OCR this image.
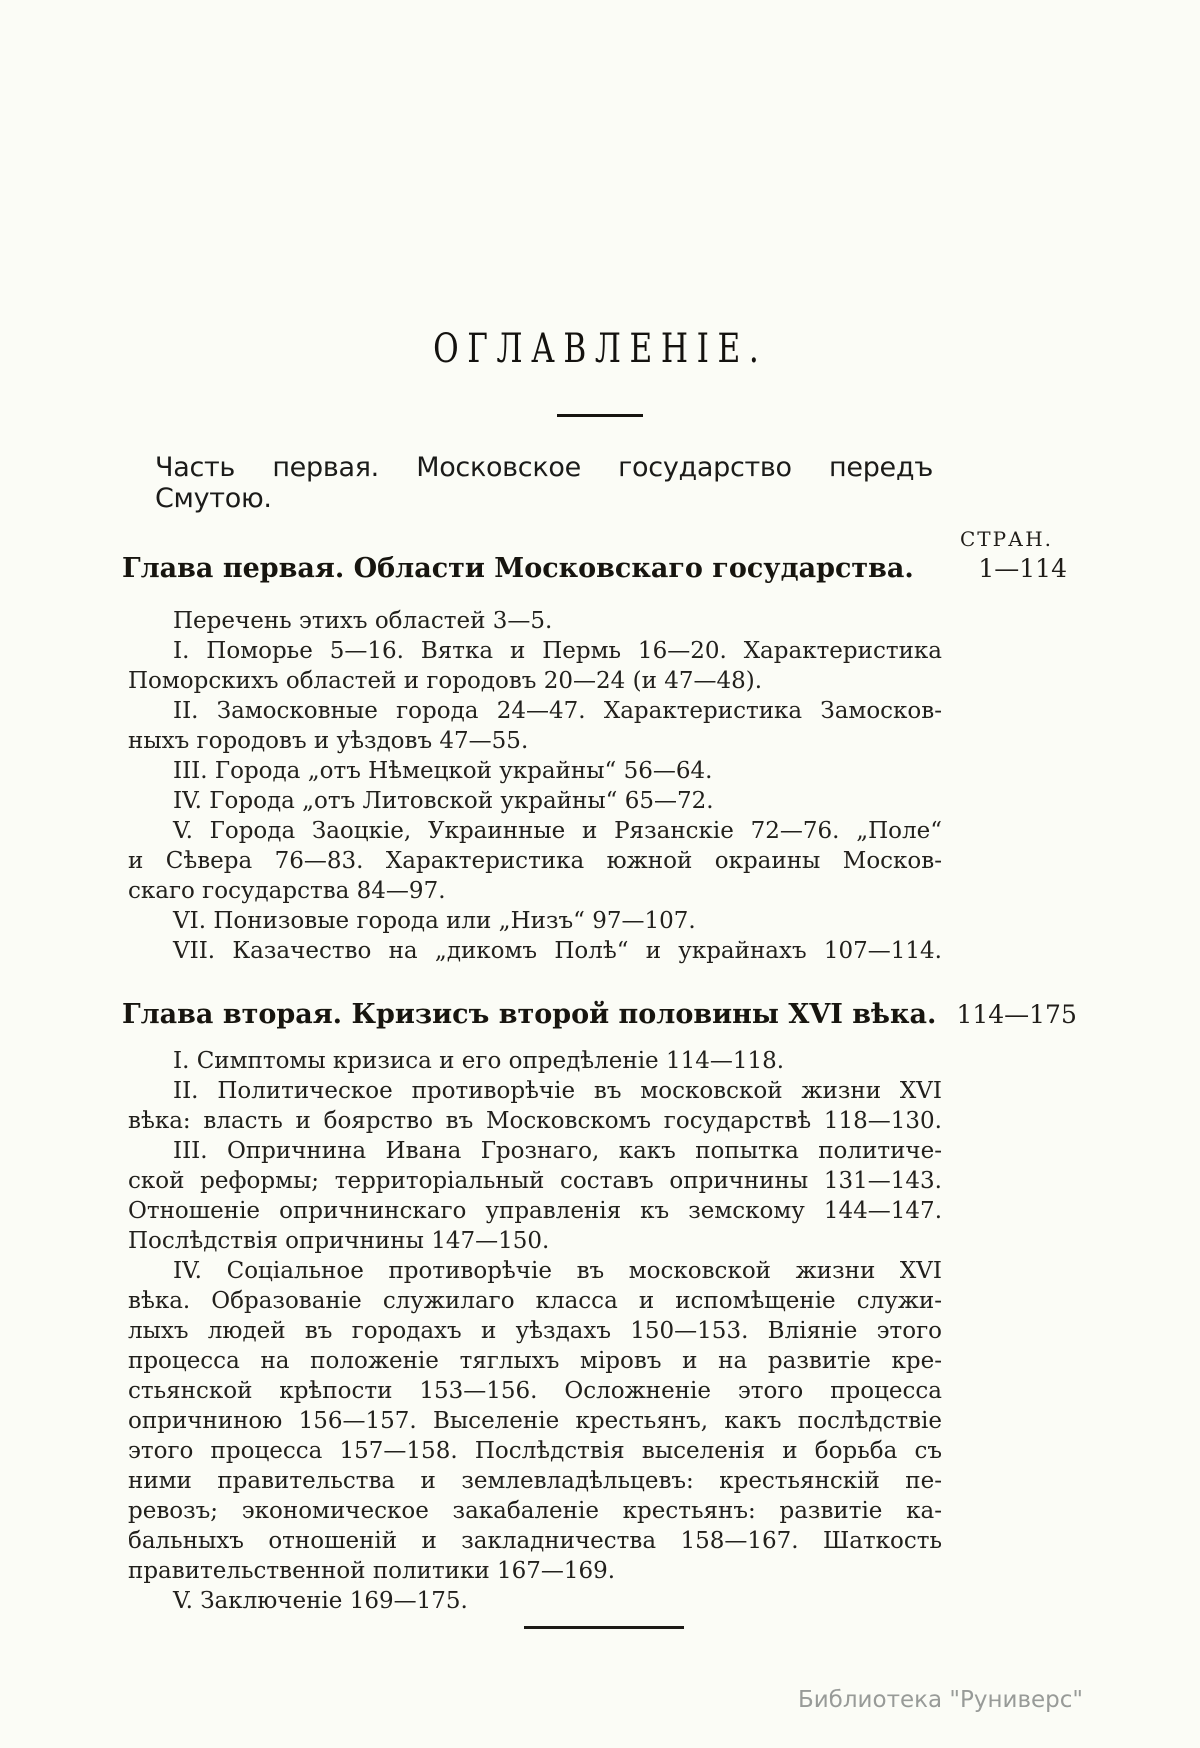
ОГЛАВЛЕНІЕ.
Часть первая. Московское государство передъ Смутою.
СТРАН.
Глава первая. Области Московскаго государства.	1—114
Перечень этихъ областей 3—5.
I. Поморье 5—16. Вятка и Пермь 16—20. Характеристика
Поморскихъ областей и городовъ 20—24 (и 47—48).
II. Замосковные города 24—47. Характеристика Замосков-
ныхъ городовъ и уѣздовъ 47—55.
III. Города „отъ Нѣмецкой украйны“ 56—64.
IV. Города „отъ Литовской украйны“ 65—72.
V. Города Заоцкіе, Украинные и Рязанскіе 72—76. „Поле“
и Сѣвера 76—83. Характеристика южной окраины Москов-
скаго государства 84—97.
VI. Понизовые города или „Низъ“ 97—107.
VII. Казачество на „дикомъ Полѣ“ и украйнахъ 107—114.
Глава вторая. Кризисъ второй половины XVI вѣка. 114—175
I. Симптомы кризиса и его опредѣленіе 114—118.
II. Политическое противорѣчіе въ московской жизни XVI
вѣка: власть и боярство въ Московскомъ государствѣ 118—130.
III. Опричнина Ивана Грознаго, какъ попытка политиче-
ской реформы; территоріальный составъ опричнины 131—143.
Отношеніе опричнинскаго управленія къ земскому 144—147.
Послѣдствія опричнины 147—150.
IV. Соціальное противорѣчіе въ московской жизни XVI
вѣка. Образованіе служилаго класса и испомѣщеніе служи-
лыхъ людей въ городахъ и уѣздахъ 150—153. Вліяніе этого
процесса на положеніе тяглыхъ міровъ и на развитіе кре-
стьянской крѣпости 153—156. Осложненіе этого процесса
опричниною 156—157. Выселеніе крестьянъ, какъ послѣдствіе
этого процесса 157—158. Послѣдствія выселенія и борьба съ
ними правительства и землевладѣльцевъ: крестьянскій пе-
ревозъ; экономическое закабаленіе крестьянъ: развитіе ка-
бальныхъ отношеній и закладничества 158—167. Шаткость
правительственной политики 167—169.
V. Заключеніе 169—175.
Библиотека "Руниверс"
